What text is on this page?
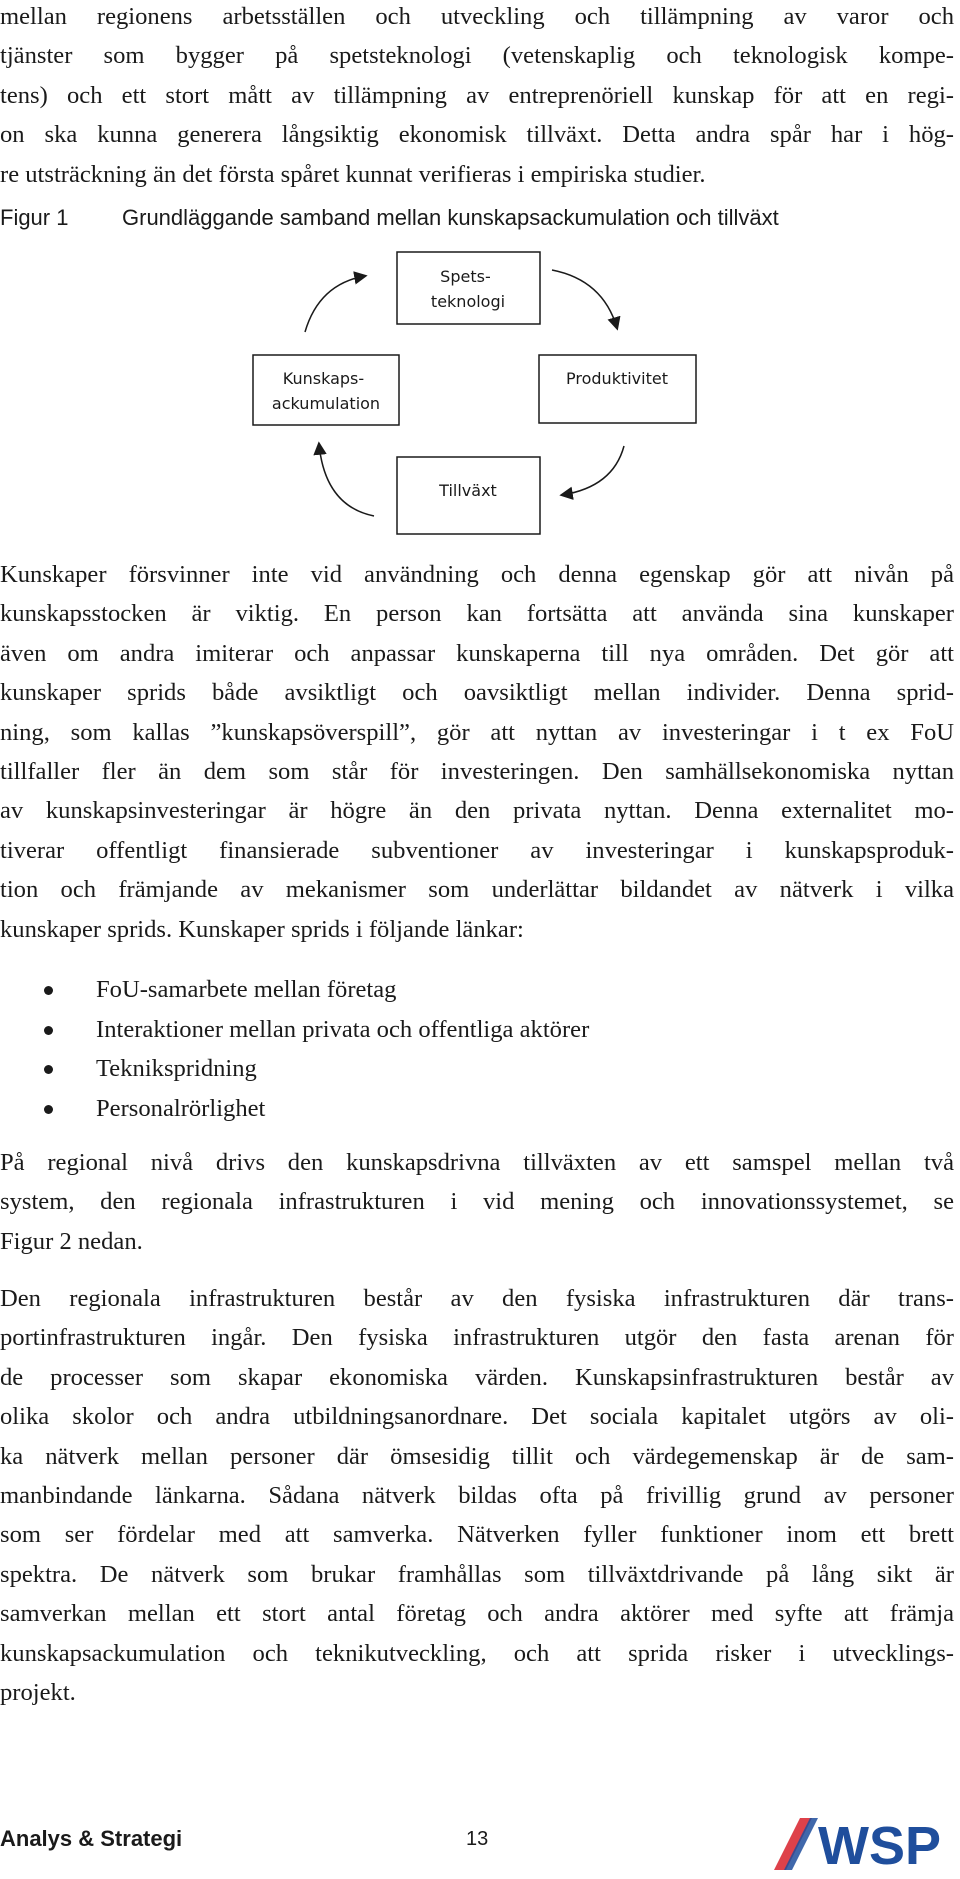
mellan regionens arbetsställen och utveckling och tillämpning av varor och
tjänster som bygger på spetsteknologi (vetenskaplig och teknologisk kompe-
tens) och ett stort mått av tillämpning av entreprenöriell kunskap för att en regi-
on ska kunna generera långsiktig ekonomisk tillväxt. Detta andra spår har i hög-
re utsträckning än det första spåret kunnat verifieras i empiriska studier.

Figur 1 Grundläggande samband mellan kunskapsackumulation och tillväxt
Spets- teknologi
Produktivitet
Tillväxt
Kunskaps- ackumulation

Kunskaper försvinner inte vid användning och denna egenskap gör att nivån på
kunskapsstocken är viktig. En person kan fortsätta att använda sina kunskaper
även om andra imiterar och anpassar kunskaperna till nya områden. Det gör att
kunskaper sprids både avsiktligt och oavsiktligt mellan individer. Denna sprid-
ning, som kallas ”kunskapsöverspill”, gör att nyttan av investeringar i t ex FoU
tillfaller fler än dem som står för investeringen. Den samhällsekonomiska nyttan
av kunskapsinvesteringar är högre än den privata nyttan. Denna externalitet mo-
tiverar offentligt finansierade subventioner av investeringar i kunskapsproduk-
tion och främjande av mekanismer som underlättar bildandet av nätverk i vilka
kunskaper sprids. Kunskaper sprids i följande länkar:

FoU-samarbete mellan företag
Interaktioner mellan privata och offentliga aktörer
Teknikspridning
Personalrörlighet

På regional nivå drivs den kunskapsdrivna tillväxten av ett samspel mellan två
system, den regionala infrastrukturen i vid mening och innovationssystemet, se
Figur 2 nedan.

Den regionala infrastrukturen består av den fysiska infrastrukturen där trans-
portinfrastrukturen ingår. Den fysiska infrastrukturen utgör den fasta arenan för
de processer som skapar ekonomiska värden. Kunskapsinfrastrukturen består av
olika skolor och andra utbildningsanordnare. Det sociala kapitalet utgörs av oli-
ka nätverk mellan personer där ömsesidig tillit och värdegemenskap är de sam-
manbindande länkarna. Sådana nätverk bildas ofta på frivillig grund av personer
som ser fördelar med att samverka. Nätverken fyller funktioner inom ett brett
spektra. De nätverk som brukar framhållas som tillväxtdrivande på lång sikt är
samverkan mellan ett stort antal företag och andra aktörer med syfte att främja
kunskapsackumulation och teknikutveckling, och att sprida risker i utvecklings-
projekt.

Analys & Strategi	13	WSP
